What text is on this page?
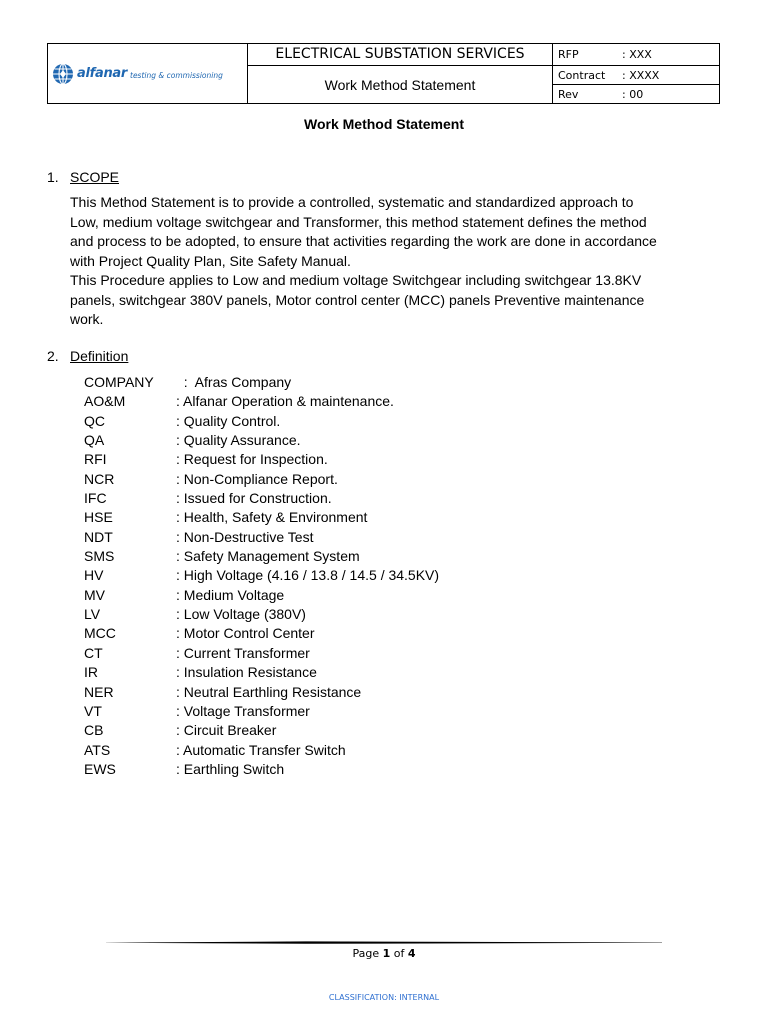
alfanar testing & commissioning	ELECTRICAL SUBSTATION SERVICES	RFP : XXX
	Work Method Statement	Contract : XXXX
		Rev : 00
Work Method Statement
1. SCOPE
This Method Statement is to provide a controlled, systematic and standardized approach to
Low, medium voltage switchgear and Transformer, this method statement defines the method
and process to be adopted, to ensure that activities regarding the work are done in accordance
with Project Quality Plan, Site Safety Manual.
This Procedure applies to Low and medium voltage Switchgear including switchgear 13.8KV
panels, switchgear 380V panels, Motor control center (MCC) panels Preventive maintenance
work.
2. Definition
COMPANY	:  Afras Company
AO&M	: Alfanar Operation & maintenance.
QC	: Quality Control.
QA	: Quality Assurance.
RFI	: Request for Inspection.
NCR	: Non-Compliance Report.
IFC	: Issued for Construction.
HSE	: Health, Safety & Environment
NDT	: Non-Destructive Test
SMS	: Safety Management System
HV	: High Voltage (4.16 / 13.8 / 14.5 / 34.5KV)
MV	: Medium Voltage
LV	: Low Voltage (380V)
MCC	: Motor Control Center
CT	: Current Transformer
IR	: Insulation Resistance
NER	: Neutral Earthling Resistance
VT	: Voltage Transformer
CB	: Circuit Breaker
ATS	: Automatic Transfer Switch
EWS	: Earthling Switch
Page 1 of 4
CLASSIFICATION: INTERNAL
